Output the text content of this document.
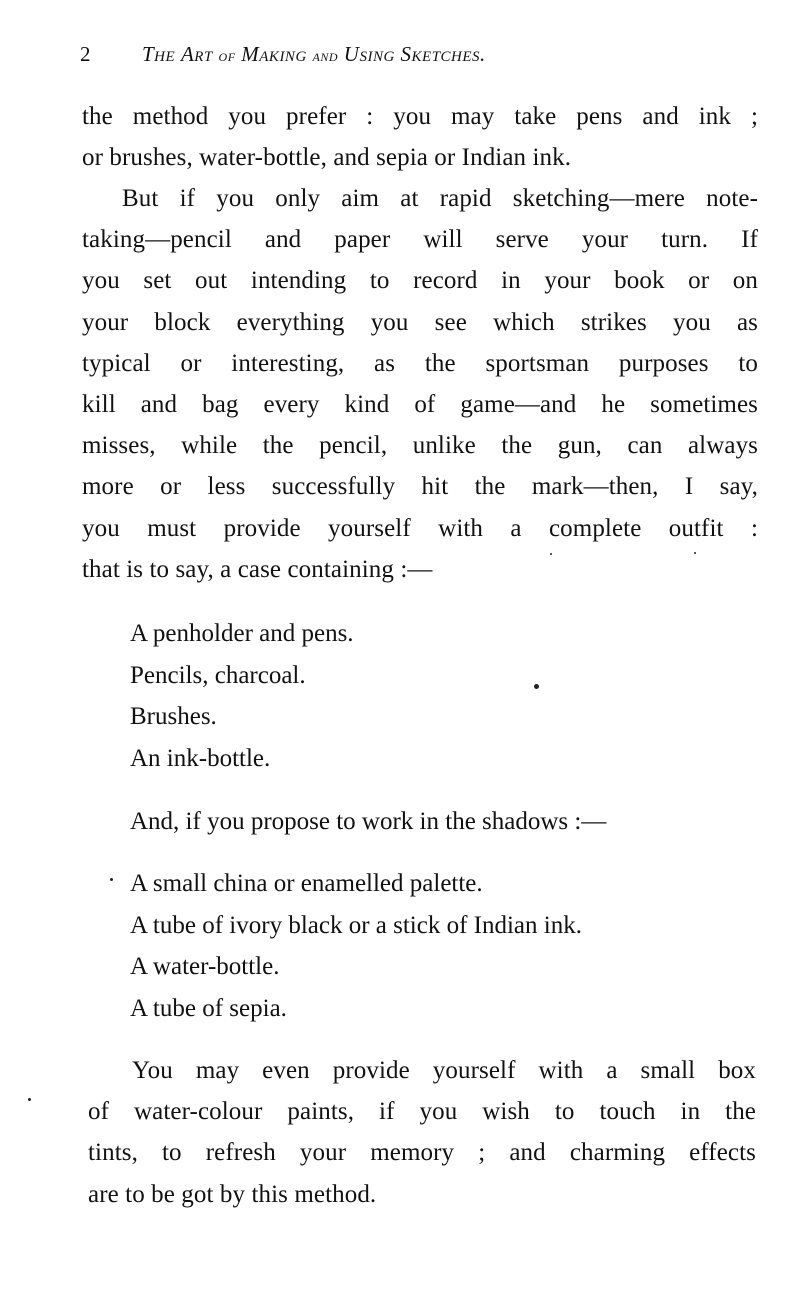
2 The Art of Making and Using Sketches.
the method you prefer : you may take pens and ink ;
or brushes, water-bottle, and sepia or Indian ink.
But if you only aim at rapid sketching—mere note-
taking—pencil and paper will serve your turn. If
you set out intending to record in your book or on
your block everything you see which strikes you as
typical or interesting, as the sportsman purposes to
kill and bag every kind of game—and he sometimes
misses, while the pencil, unlike the gun, can always
more or less successfully hit the mark—then, I say,
you must provide yourself with a complete outfit :
that is to say, a case containing :—
A penholder and pens.
Pencils, charcoal.
Brushes.
An ink-bottle.
And, if you propose to work in the shadows :—
A small china or enamelled palette.
A tube of ivory black or a stick of Indian ink.
A water-bottle.
A tube of sepia.
You may even provide yourself with a small box
of water-colour paints, if you wish to touch in the
tints, to refresh your memory ; and charming effects
are to be got by this method.
